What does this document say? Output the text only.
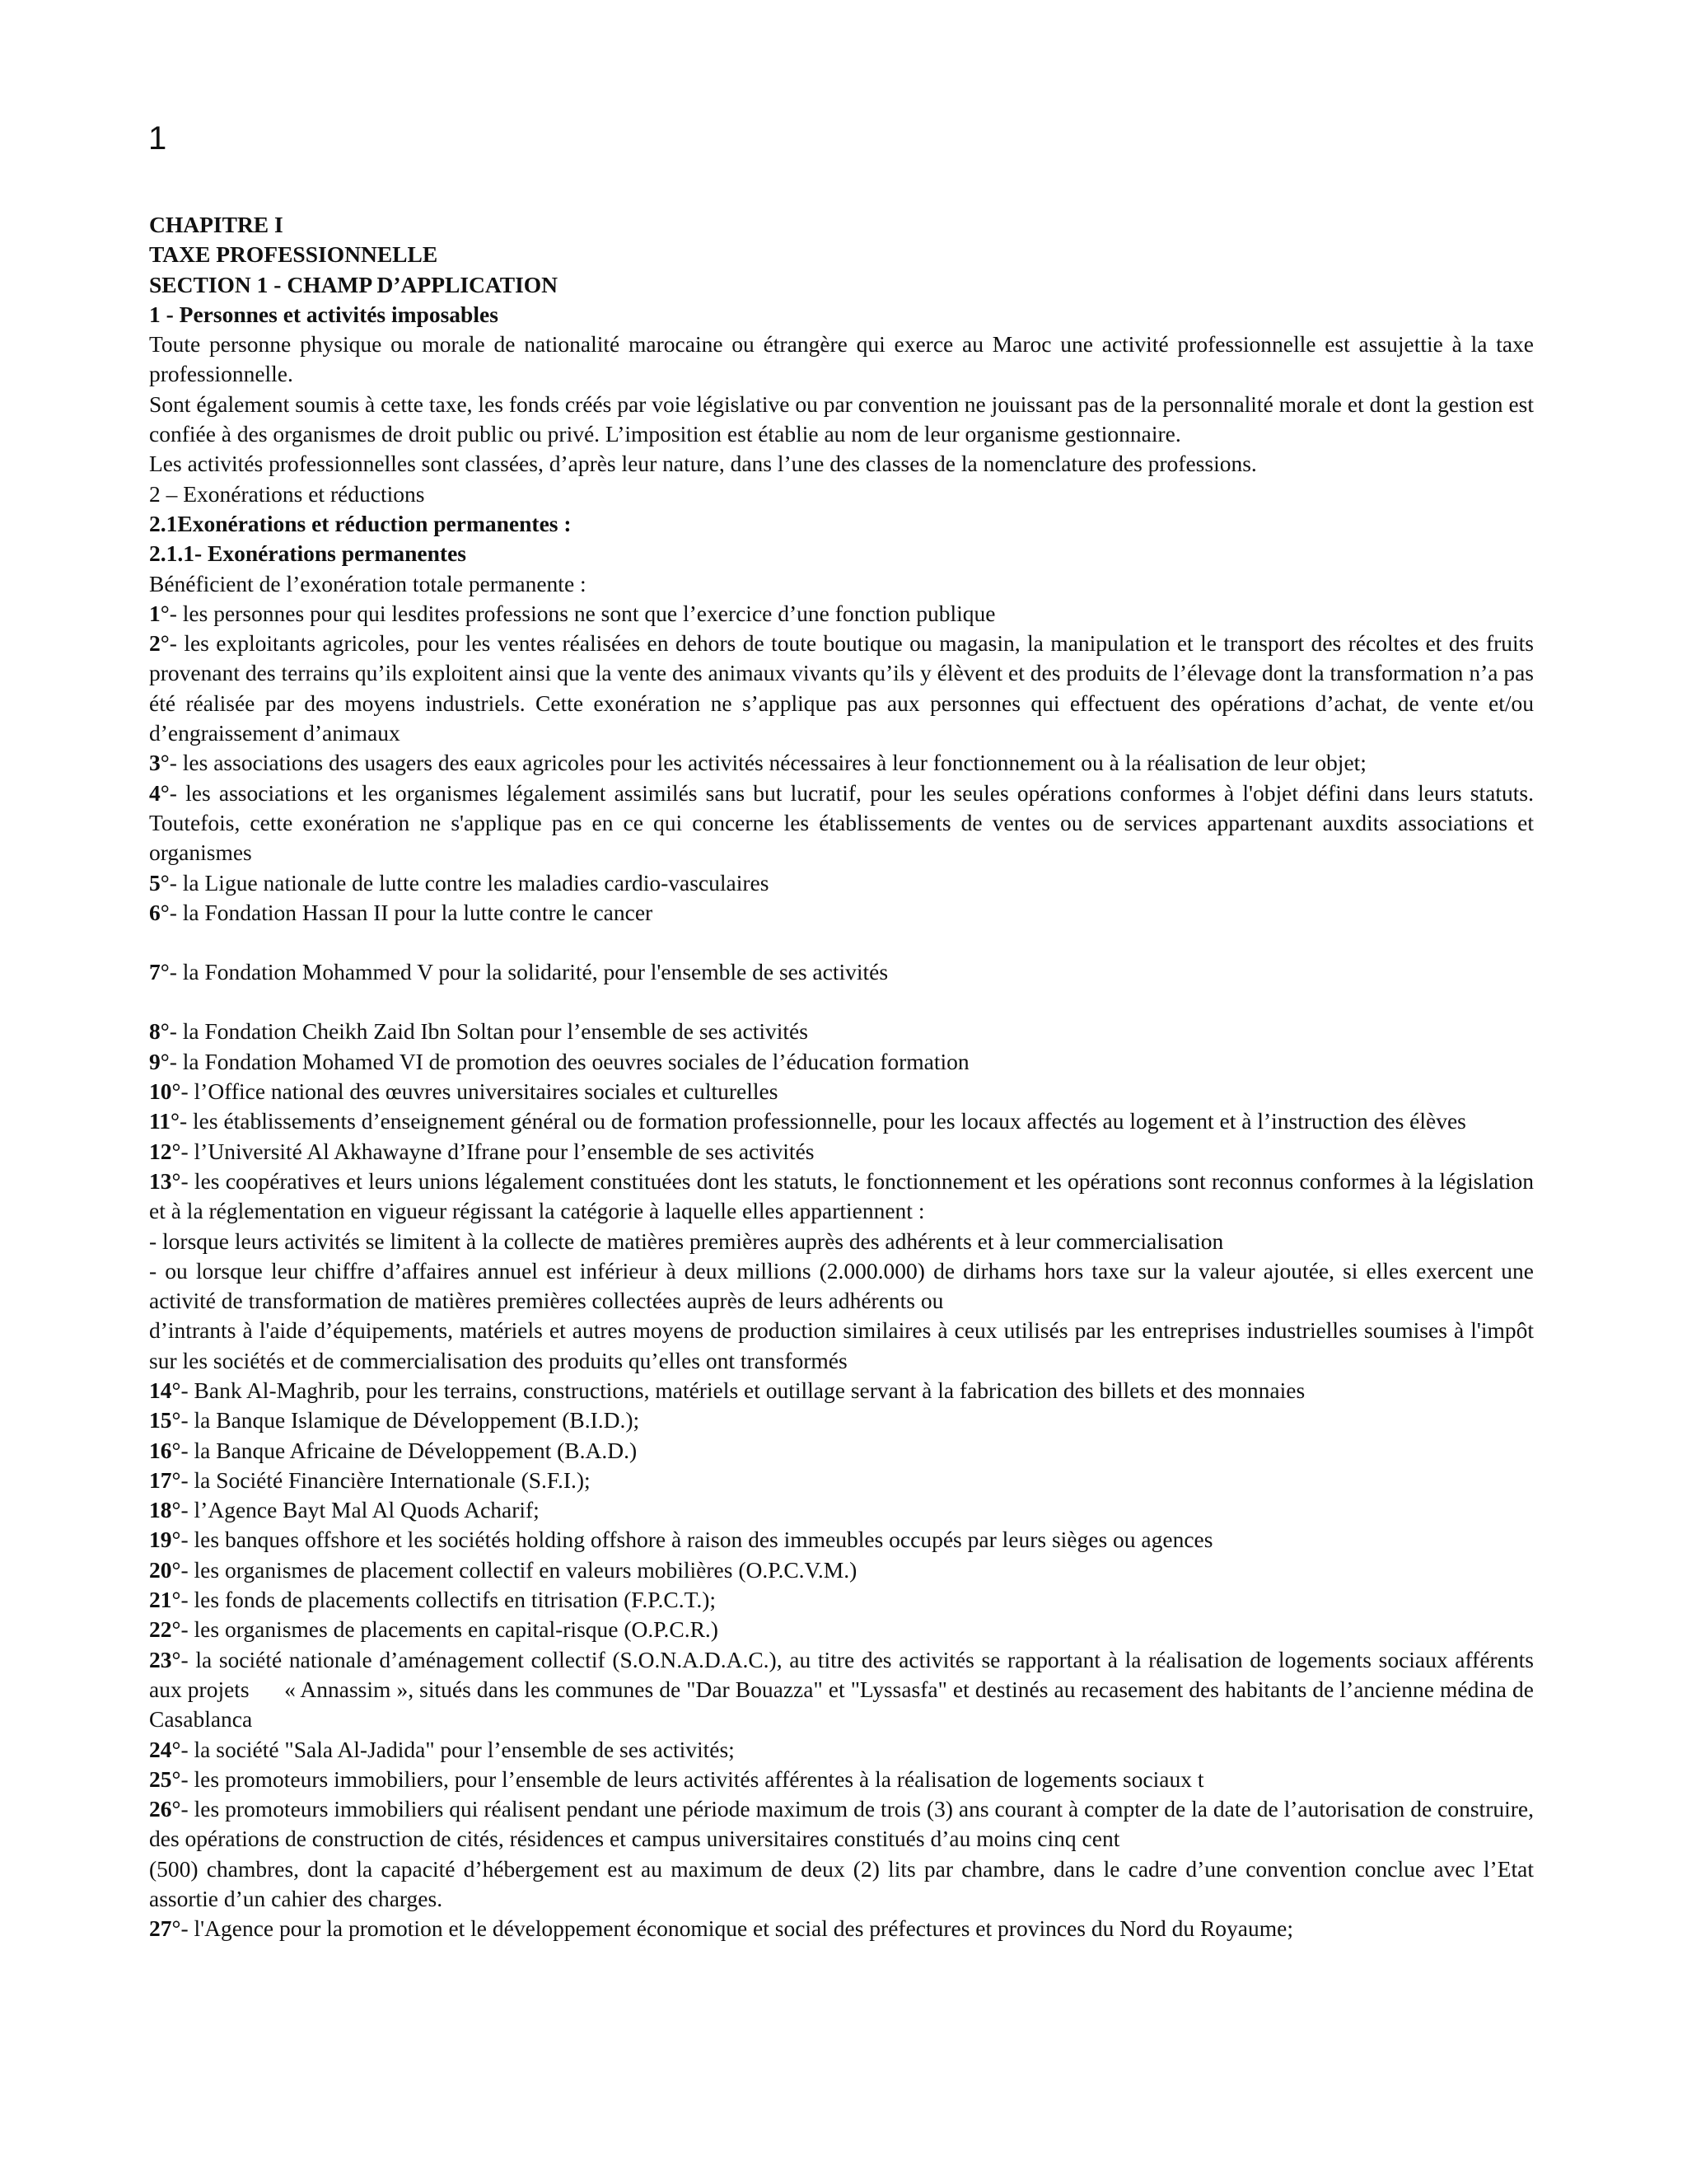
1

CHAPITRE I

TAXE PROFESSIONNELLE

SECTION 1 - CHAMP D’APPLICATION

1 - Personnes et activités imposables

Toute personne physique ou morale de nationalité marocaine ou étrangère qui exerce au Maroc une activité professionnelle est assujettie à la taxe professionnelle.

Sont également soumis à cette taxe, les fonds créés par voie législative ou par convention ne jouissant pas de la personnalité morale et dont la gestion est confiée à des organismes de droit public ou privé. L’imposition est établie au nom de leur organisme gestionnaire.

Les activités professionnelles sont classées, d’après leur nature, dans l’une des classes de la nomenclature des professions.

2 – Exonérations et réductions

2.1Exonérations et réduction permanentes :

2.1.1- Exonérations permanentes

Bénéficient de l’exonération totale permanente :

1°- les personnes pour qui lesdites professions ne sont que l’exercice d’une fonction publique

2°- les exploitants agricoles, pour les ventes réalisées en dehors de toute boutique ou magasin, la manipulation et le transport des récoltes et des fruits provenant des terrains qu’ils exploitent ainsi que la vente des animaux vivants qu’ils y élèvent et des produits de l’élevage dont la transformation n’a pas été réalisée par des moyens industriels. Cette exonération ne s’applique pas aux personnes qui effectuent des opérations d’achat, de vente et/ou d’engraissement d’animaux

3°- les associations des usagers des eaux agricoles pour les activités nécessaires à leur fonctionnement ou à la réalisation de leur objet;

4°- les associations et les organismes légalement assimilés sans but lucratif, pour les seules opérations conformes à l'objet défini dans leurs statuts. Toutefois, cette exonération ne s'applique pas en ce qui concerne les établissements de ventes ou de services appartenant auxdits associations et organismes

5°- la Ligue nationale de lutte contre les maladies cardio-vasculaires

6°- la Fondation Hassan II pour la lutte contre le cancer

7°- la Fondation Mohammed V pour la solidarité, pour l'ensemble de ses activités

8°- la Fondation Cheikh Zaid Ibn Soltan pour l’ensemble de ses activités

9°- la Fondation Mohamed VI de promotion des oeuvres sociales de l’éducation formation

10°- l’Office national des œuvres universitaires sociales et culturelles

11°- les établissements d’enseignement général ou de formation professionnelle, pour les locaux affectés au logement et à l’instruction des élèves

12°- l’Université Al Akhawayne d’Ifrane pour l’ensemble de ses activités

13°- les coopératives et leurs unions légalement constituées dont les statuts, le fonctionnement et les opérations sont reconnus conformes à la législation et à la réglementation en vigueur régissant la catégorie à laquelle elles appartiennent :

- lorsque leurs activités se limitent à la collecte de matières premières auprès des adhérents et à leur commercialisation

- ou lorsque leur chiffre d’affaires annuel est inférieur à deux millions (2.000.000) de dirhams hors taxe sur la valeur ajoutée, si elles exercent une activité de transformation de matières premières collectées auprès de leurs adhérents ou

d’intrants à l'aide d’équipements, matériels et autres moyens de production similaires à ceux utilisés par les entreprises industrielles soumises à l'impôt sur les sociétés et de commercialisation des produits qu’elles ont transformés

14°- Bank Al-Maghrib, pour les terrains, constructions, matériels et outillage servant à la fabrication des billets et des monnaies

15°- la Banque Islamique de Développement (B.I.D.);

16°- la Banque Africaine de Développement (B.A.D.)

17°- la Société Financière Internationale (S.F.I.);

18°- l’Agence Bayt Mal Al Quods Acharif;

19°- les banques offshore et les sociétés holding offshore à raison des immeubles occupés par leurs sièges ou agences

20°- les organismes de placement collectif en valeurs mobilières (O.P.C.V.M.)

21°- les fonds de placements collectifs en titrisation (F.P.C.T.);

22°- les organismes de placements en capital-risque (O.P.C.R.)

23°- la société nationale d’aménagement collectif (S.O.N.A.D.A.C.), au titre des activités se rapportant à la réalisation de logements sociaux afférents aux projets      « Annassim », situés dans les communes de "Dar Bouazza" et "Lyssasfa" et destinés au recasement des habitants de l’ancienne médina de Casablanca

24°- la société "Sala Al-Jadida" pour l’ensemble de ses activités;

25°- les promoteurs immobiliers, pour l’ensemble de leurs activités afférentes à la réalisation de logements sociaux t

26°- les promoteurs immobiliers qui réalisent pendant une période maximum de trois (3) ans courant à compter de la date de l’autorisation de construire, des opérations de construction de cités, résidences et campus universitaires constitués d’au moins cinq cent

(500) chambres, dont la capacité d’hébergement est au maximum de deux (2) lits par chambre, dans le cadre d’une convention conclue avec l’Etat assortie d’un cahier des charges.

27°- l'Agence pour la promotion et le développement économique et social des préfectures et provinces du Nord du Royaume;
